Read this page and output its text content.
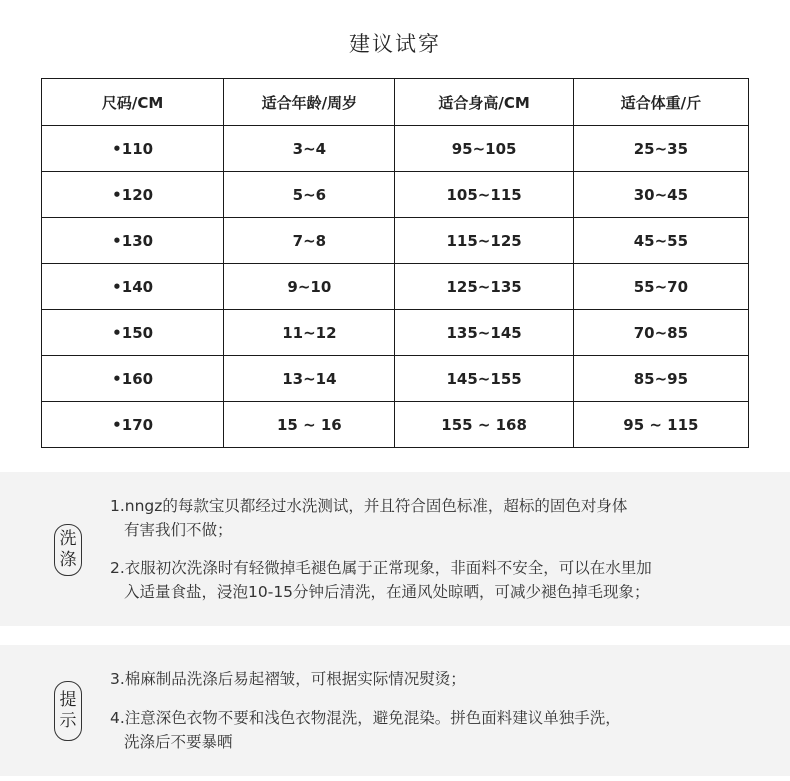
建议试穿
尺码/CM	适合年龄/周岁	适合身高/CM	适合体重/斤
•110	3~4	95~105	25~35
•120	5~6	105~115	30~45
•130	7~8	115~125	45~55
•140	9~10	125~135	55~70
•150	11~12	135~145	70~85
•160	13~14	145~155	85~95
•170	15 ~ 16	155 ~ 168	95 ~ 115
洗
涤
1.nngz的每款宝贝都经过水洗测试，并且符合固色标准，超标的固色对身体
有害我们不做；
2.衣服初次洗涤时有轻微掉毛褪色属于正常现象，非面料不安全，可以在水里加
入适量食盐，浸泡10-15分钟后清洗，在通风处晾晒，可减少褪色掉毛现象；
提
示
3.棉麻制品洗涤后易起褶皱，可根据实际情况熨烫；
4.注意深色衣物不要和浅色衣物混洗，避免混染。拼色面料建议单独手洗，
洗涤后不要暴晒
